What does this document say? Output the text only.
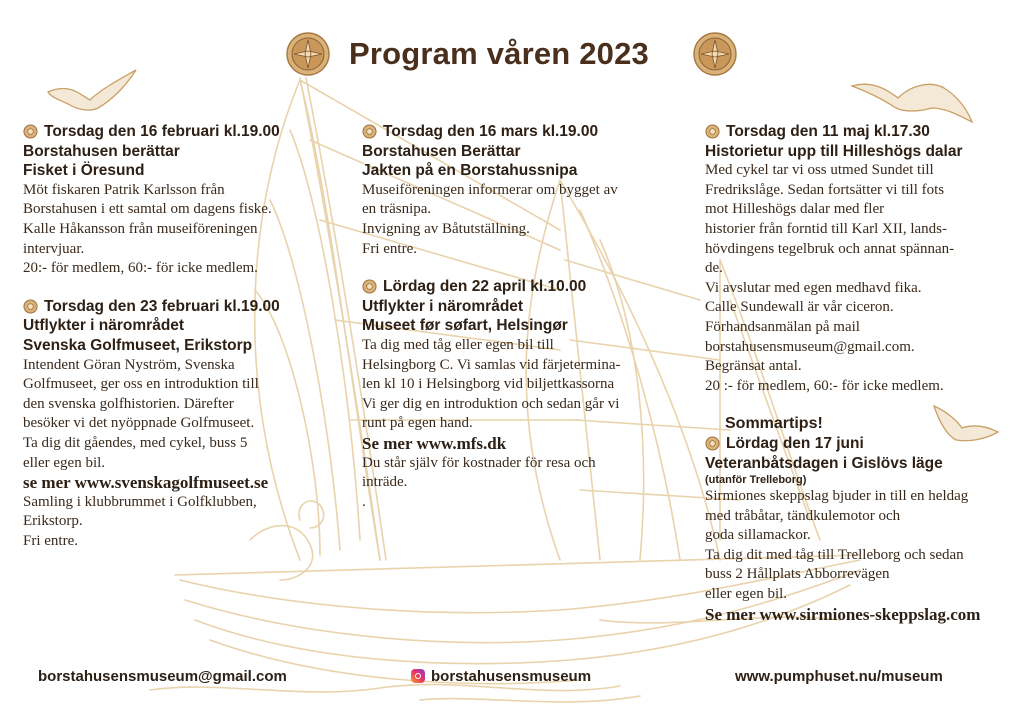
Program våren 2023
Torsdag den 16 februari kl.19.00
Borstahusen berättar
Fisket i Öresund
Möt fiskaren Patrik Karlsson från
Borstahusen i ett samtal om dagens fiske.
Kalle Håkansson från museiföreningen
intervjuar.
20:- för medlem, 60:- för icke medlem.
Torsdag den 23 februari kl.19.00
Utflykter i närområdet
Svenska Golfmuseet, Erikstorp
Intendent Göran Nyström, Svenska
Golfmuseet, ger oss en introduktion till
den svenska golfhistorien. Därefter
besöker vi det nyöppnade Golfmuseet.
Ta dig dit gåendes, med cykel, buss 5
eller egen bil.
se mer www.svenskagolfmuseet.se
Samling i klubbrummet i Golfklubben,
Erikstorp.
Fri entre.
Torsdag den 16 mars kl.19.00
Borstahusen Berättar
Jakten på en Borstahussnipa
Museiföreningen informerar om bygget av
en träsnipa.
Invigning av Båtutställning.
Fri entre.
Lördag den 22 april kl.10.00
Utflykter i närområdet
Museet før søfart, Helsingør
Ta dig med tåg eller egen bil till
Helsingborg C. Vi samlas vid färjetermina-
len kl 10 i Helsingborg vid biljettkassorna
Vi ger dig en introduktion och sedan går vi
runt på egen hand.
Se mer www.mfs.dk
Du står själv för kostnader för resa och
inträde.
.
Torsdag den 11 maj kl.17.30
Historietur upp till Hilleshögs dalar
Med cykel tar vi oss utmed Sundet till
Fredrikslåge. Sedan fortsätter vi till fots
mot Hilleshögs dalar med fler
historier från forntid till Karl XII, lands-
hövdingens tegelbruk och annat spännan-
de.
Vi avslutar med egen medhavd fika.
Calle Sundewall är vår ciceron.
Förhandsanmälan på mail
borstahusensmuseum@gmail.com.
Begränsat antal.
20 :- för medlem, 60:- för icke medlem.
Sommartips!
Lördag den 17 juni
Veteranbåtsdagen i Gislövs läge
(utanför Trelleborg)
Sirmiones skeppslag bjuder in till en heldag
med tråbåtar, tändkulemotor och
goda sillamackor.
Ta dig dit med tåg till Trelleborg och sedan
buss 2 Hållplats Abborrevägen
eller egen bil.
Se mer www.sirmiones-skeppslag.com
borstahusensmuseum@gmail.com	borstahusensmuseum	www.pumphuset.nu/museum
